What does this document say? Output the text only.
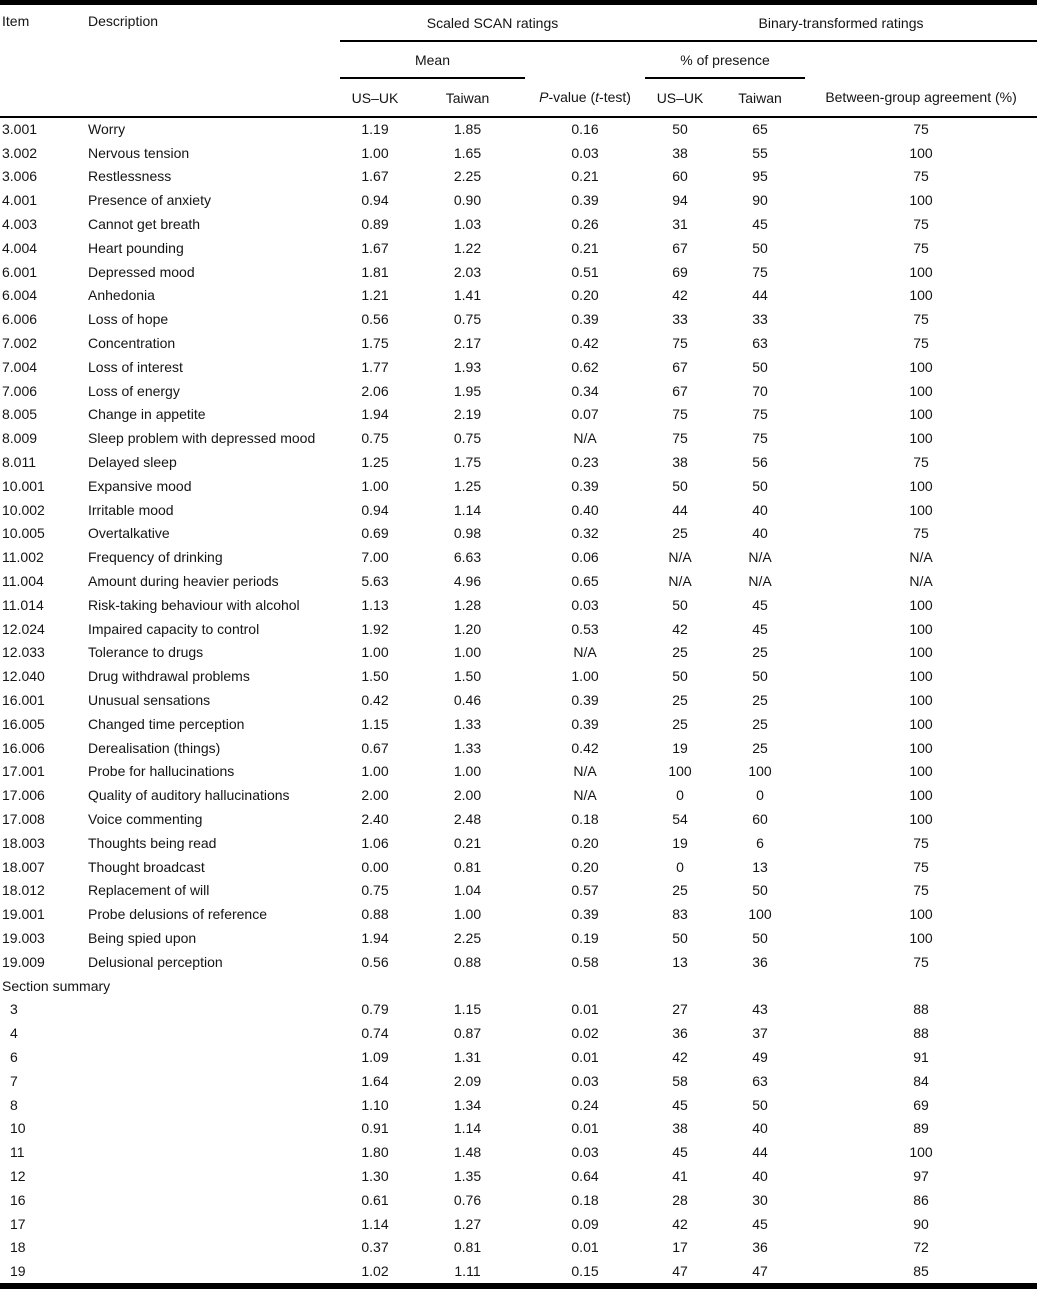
Item	Description	Scaled SCAN ratings			Binary-transformed ratings		
		Mean			% of presence		
		US–UK	Taiwan	P-value (t-test)	US–UK	Taiwan	Between-group agreement (%)
3.001	Worry	1.19	1.85	0.16	50	65	75
3.002	Nervous tension	1.00	1.65	0.03	38	55	100
3.006	Restlessness	1.67	2.25	0.21	60	95	75
4.001	Presence of anxiety	0.94	0.90	0.39	94	90	100
4.003	Cannot get breath	0.89	1.03	0.26	31	45	75
4.004	Heart pounding	1.67	1.22	0.21	67	50	75
6.001	Depressed mood	1.81	2.03	0.51	69	75	100
6.004	Anhedonia	1.21	1.41	0.20	42	44	100
6.006	Loss of hope	0.56	0.75	0.39	33	33	75
7.002	Concentration	1.75	2.17	0.42	75	63	75
7.004	Loss of interest	1.77	1.93	0.62	67	50	100
7.006	Loss of energy	2.06	1.95	0.34	67	70	100
8.005	Change in appetite	1.94	2.19	0.07	75	75	100
8.009	Sleep problem with depressed mood	0.75	0.75	N/A	75	75	100
8.011	Delayed sleep	1.25	1.75	0.23	38	56	75
10.001	Expansive mood	1.00	1.25	0.39	50	50	100
10.002	Irritable mood	0.94	1.14	0.40	44	40	100
10.005	Overtalkative	0.69	0.98	0.32	25	40	75
11.002	Frequency of drinking	7.00	6.63	0.06	N/A	N/A	N/A
11.004	Amount during heavier periods	5.63	4.96	0.65	N/A	N/A	N/A
11.014	Risk-taking behaviour with alcohol	1.13	1.28	0.03	50	45	100
12.024	Impaired capacity to control	1.92	1.20	0.53	42	45	100
12.033	Tolerance to drugs	1.00	1.00	N/A	25	25	100
12.040	Drug withdrawal problems	1.50	1.50	1.00	50	50	100
16.001	Unusual sensations	0.42	0.46	0.39	25	25	100
16.005	Changed time perception	1.15	1.33	0.39	25	25	100
16.006	Derealisation (things)	0.67	1.33	0.42	19	25	100
17.001	Probe for hallucinations	1.00	1.00	N/A	100	100	100
17.006	Quality of auditory hallucinations	2.00	2.00	N/A	0	0	100
17.008	Voice commenting	2.40	2.48	0.18	54	60	100
18.003	Thoughts being read	1.06	0.21	0.20	19	6	75
18.007	Thought broadcast	0.00	0.81	0.20	0	13	75
18.012	Replacement of will	0.75	1.04	0.57	25	50	75
19.001	Probe delusions of reference	0.88	1.00	0.39	83	100	100
19.003	Being spied upon	1.94	2.25	0.19	50	50	100
19.009	Delusional perception	0.56	0.88	0.58	13	36	75
Section summary							
3		0.79	1.15	0.01	27	43	88
4		0.74	0.87	0.02	36	37	88
6		1.09	1.31	0.01	42	49	91
7		1.64	2.09	0.03	58	63	84
8		1.10	1.34	0.24	45	50	69
10		0.91	1.14	0.01	38	40	89
11		1.80	1.48	0.03	45	44	100
12		1.30	1.35	0.64	41	40	97
16		0.61	0.76	0.18	28	30	86
17		1.14	1.27	0.09	42	45	90
18		0.37	0.81	0.01	17	36	72
19		1.02	1.11	0.15	47	47	85
